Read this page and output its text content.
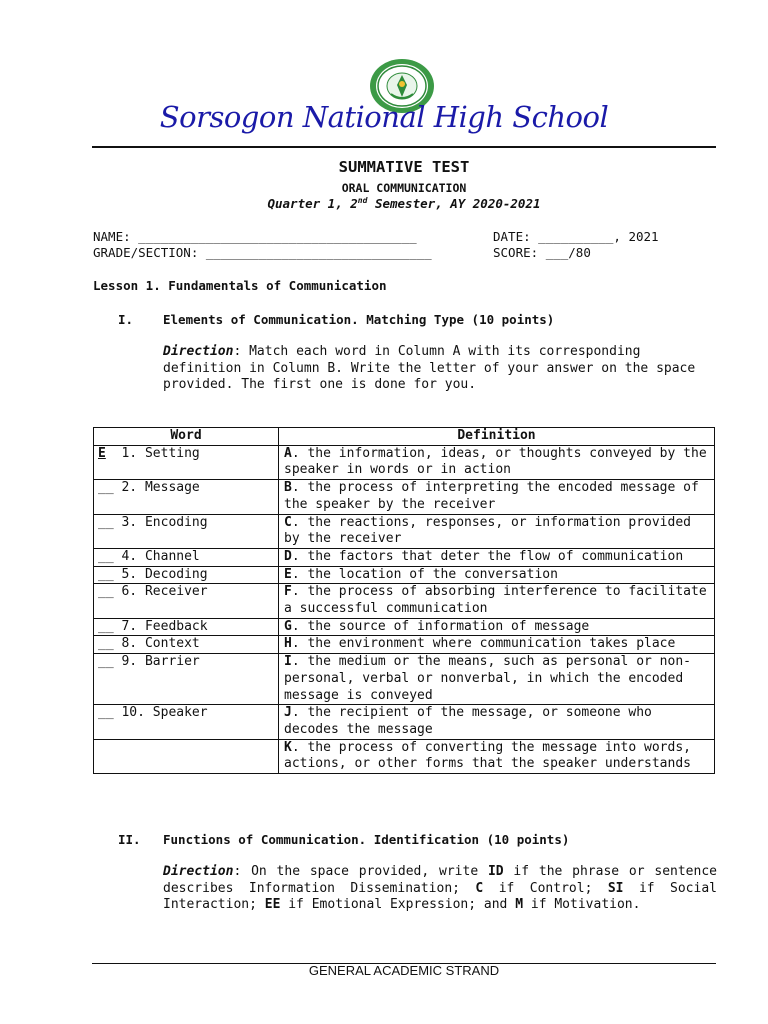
Sorsogon National High School
SUMMATIVE TEST
ORAL COMMUNICATION
Quarter 1, 2nd Semester, AY 2020-2021
NAME: _____________________________________	DATE: __________, 2021
GRADE/SECTION: ______________________________	SCORE: ___/80
Lesson 1. Fundamentals of Communication
I. Elements of Communication. Matching Type (10 points)
Direction: Match each word in Column A with its corresponding definition in Column B. Write the letter of your answer on the space provided. The first one is done for you.
Word	Definition
E 1. Setting	A. the information, ideas, or thoughts conveyed by the speaker in words or in action
__ 2. Message	B. the process of interpreting the encoded message of the speaker by the receiver
__ 3. Encoding	C. the reactions, responses, or information provided by the receiver
__ 4. Channel	D. the factors that deter the flow of communication
__ 5. Decoding	E. the location of the conversation
__ 6. Receiver	F. the process of absorbing interference to facilitate a successful communication
__ 7. Feedback	G. the source of information of message
__ 8. Context	H. the environment where communication takes place
__ 9. Barrier	I. the medium or the means, such as personal or non-personal, verbal or nonverbal, in which the encoded message is conveyed
__ 10. Speaker	J. the recipient of the message, or someone who decodes the message
	K. the process of converting the message into words, actions, or other forms that the speaker understands
II. Functions of Communication. Identification (10 points)
Direction: On the space provided, write ID if the phrase or sentence describes Information Dissemination; C if Control; SI if Social Interaction; EE if Emotional Expression; and M if Motivation.
GENERAL ACADEMIC STRAND
